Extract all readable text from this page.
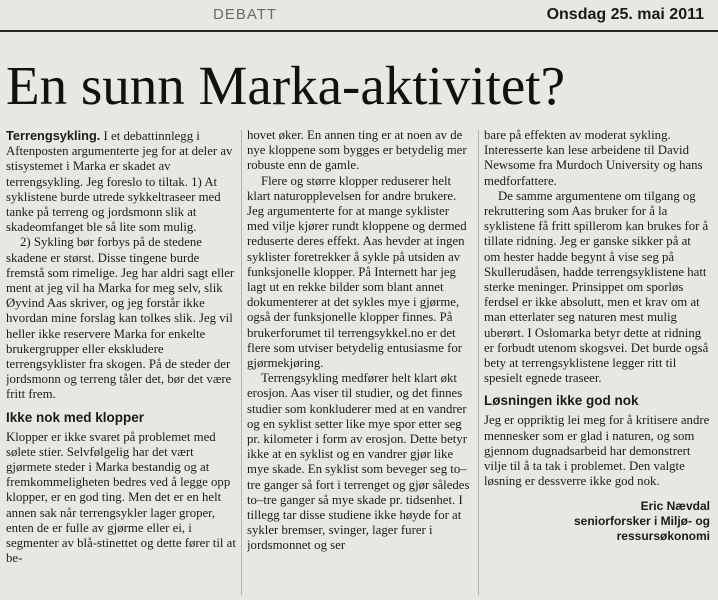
DEBATT	Onsdag 25. mai 2011
En sunn Marka-aktivitet?

Terrengsykling. I et debattinnlegg i Aftenposten argumenterte jeg for at deler av stisystemet i Marka er skadet av terrengsykling. Jeg foreslo to tiltak. 1) At syklistene burde utrede sykkeltraseer med tanke på terreng og jordsmonn slik at skadeomfanget ble så lite som mulig.

2) Sykling bør forbys på de stedene skadene er størst. Disse tingene burde fremstå som rimelige. Jeg har aldri sagt eller ment at jeg vil ha Marka for meg selv, slik Øyvind Aas skriver, og jeg forstår ikke hvordan mine forslag kan tolkes slik. Jeg vil heller ikke reservere Marka for enkelte brukergrupper eller ekskludere terrengsyklister fra skogen. På de steder der jordsmonn og terreng tåler det, bør det være fritt frem.

Ikke nok med klopper

Klopper er ikke svaret på problemet med sølete stier. Selvfølgelig har det vært gjørmete steder i Marka bestandig og at fremkommeligheten bedres ved å legge opp klopper, er en god ting. Men det er en helt annen sak når terrengsykler lager groper, enten de er fulle av gjørme eller ei, i segmenter av blå-stinettet og dette fører til at be-

hovet øker. En annen ting er at noen av de nye kloppene som bygges er betydelig mer robuste enn de gamle.

Flere og større klopper reduserer helt klart naturopplevelsen for andre brukere. Jeg argumenterte for at mange syklister med vilje kjører rundt kloppene og dermed reduserte deres effekt. Aas hevder at ingen syklister foretrekker å sykle på utsiden av funksjonelle klopper. På Internett har jeg lagt ut en rekke bilder som blant annet dokumenterer at det sykles mye i gjørme, også der funksjonelle klopper finnes. På brukerforumet til terrengsykkel.no er det flere som utviser betydelig entusiasme for gjørmekjøring.

Terrengsykling medfører helt klart økt erosjon. Aas viser til studier, og det finnes studier som konkluderer med at en vandrer og en syklist setter like mye spor etter seg pr. kilometer i form av erosjon. Dette betyr ikke at en syklist og en vandrer gjør like mye skade. En syklist som beveger seg to–tre ganger så fort i terrenget og gjør således to–tre ganger så mye skade pr. tidsenhet. I tillegg tar disse studiene ikke høyde for at sykler bremser, svinger, lager furer i jordsmonnet og ser

bare på effekten av moderat sykling. Interesserte kan lese arbeidene til David Newsome fra Murdoch University og hans medforfattere.

De samme argumentene om tilgang og rekruttering som Aas bruker for å la syklistene få fritt spillerom kan brukes for å tillate ridning. Jeg er ganske sikker på at om hester hadde begynt å vise seg på Skullerudåsen, hadde terrengsyklistene hatt sterke meninger. Prinsippet om sporløs ferdsel er ikke absolutt, men et krav om at man etterlater seg naturen mest mulig uberørt. I Oslomarka betyr dette at ridning er forbudt utenom skogsvei. Det burde også bety at terrengsyklistene legger ritt til spesielt egnede traseer.

Løsningen ikke god nok

Jeg er oppriktig lei meg for å kritisere andre mennesker som er glad i naturen, og som gjennom dugnadsarbeid har demonstrert vilje til å ta tak i problemet. Den valgte løsning er dessverre ikke god nok.

Eric Nævdal
seniorforsker i Miljø- og
ressursøkonomi
